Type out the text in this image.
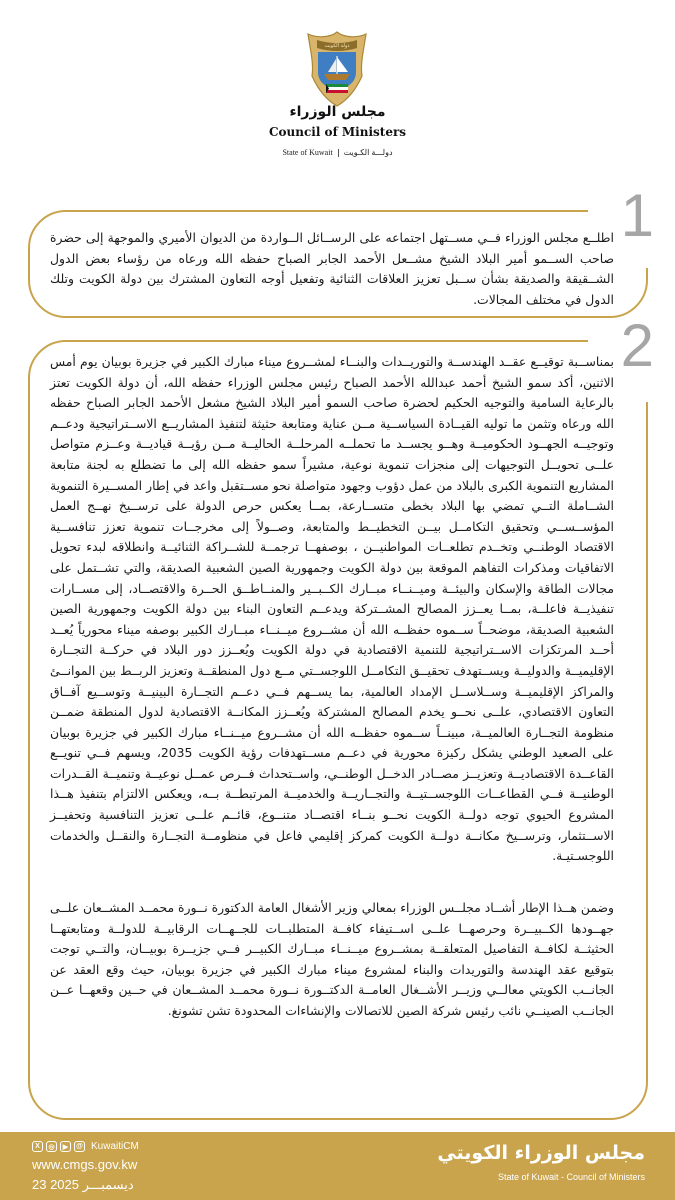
دولة الكويت
مجلس الوزراء
Council of Ministers
State of Kuwait دولـــة الكـويت
1

اطلــع مجلس الوزراء فــي مســتهل اجتماعه على الرســائل الــواردة من الديوان الأميري والموجهة إلى حضرة صاحب الســمو أمير البلاد الشيخ مشــعل الأحمد الجابر الصباح حفظه الله ورعاه من رؤساء بعض الدول الشــقيقة والصديقة بشأن ســبل تعزيز العلاقات الثنائية وتفعيل أوجه التعاون المشترك بين دولة الكويت وتلك الدول في مختلف المجالات.

2

بمناســبة توقيــع عقــد الهندســة والتوريــدات والبنــاء لمشــروع ميناء مبارك الكبير في جزيرة بوبيان يوم أمس الاثنين، أكد سمو الشيخ أحمد عبدالله الأحمد الصباح رئيس مجلس الوزراء حفظه الله، أن دولة الكويت تعتز بالرعاية السامية والتوجيه الحكيم لحضرة صاحب السمو أمير البلاد الشيخ مشعل الأحمد الجابر الصباح حفظه الله ورعاه وتثمن ما توليه القيــادة السياســية مــن عناية ومتابعة حثيثة لتنفيذ المشاريــع الاســتراتيجية ودعــم وتوجيــه الجهــود الحكوميــة وهــو يجســد ما تحملــه المرحلــة الحاليــة مــن رؤيــة قياديــة وعــزم متواصل علــى تحويــل التوجيهات إلى منجزات تنموية نوعية، مشيراً سمو حفظه الله إلى ما تضطلع به لجنة متابعة المشاريع التنموية الكبرى بالبلاد من عمل دؤوب وجهود متواصلة نحو مســتقبل واعد في إطار المســيرة التنموية الشــاملة التــي تمضي بها البلاد بخطى متســارعة، بمــا يعكس حرص الدولة على ترســيخ نهــج العمل المؤســســي وتحقيق التكامــل بيــن التخطيــط والمتابعة، وصــولاً إلى مخرجــات تنموية تعزز تنافســية الاقتصاد الوطنــي وتخــدم تطلعــات المواطنيــن ، بوصفهــا ترجمــة للشــراكة الثنائيــة وانطلاقه لبدء تحويل الاتفاقيات ومذكرات التفاهم الموقعة بين دولة الكويت وجمهورية الصين الشعبية الصديقة، والتي تشــتمل على مجالات الطاقة والإسكان والبيئــة وميــنــاء مبــارك الكــبــير والمنــاطــق الحــرة والاقتصــاد، إلى مســارات تنفيذيــة فاعلــة، بمــا يعــزز المصالح المشــتركة ويدعــم التعاون البناء بين دولة الكويت وجمهورية الصين الشعبية الصديقة، موضحــاً ســموه حفظــه الله أن مشــروع ميــنــاء مبــارك الكبير بوصفه ميناء محورياً يُعــد أحــد المرتكزات الاســتراتيجية للتنمية الاقتصادية في دولة الكويت ويُعــزز دور البلاد في حركــة التجــارة الإقليميــة والدوليــة ويســتهدف تحقيــق التكامــل اللوجســتي مــع دول المنطقــة وتعزيز الربــط بين الموانــئ والمراكز الإقليميــة وســلاســل الإمداد العالمية، بما يســهم فــي دعــم التجــارة البينيــة وتوســيع آفــاق التعاون الاقتصادي، علــى نحــو يخدم المصالح المشتركة ويُعــزز المكانــة الاقتصادية لدول المنطقة ضمــن منظومة التجــارة العالميــة، مبينــاً ســموه حفظــه الله أن مشــروع ميــنــاء مبارك الكبير في جزيرة بوبيان على الصعيد الوطني يشكل ركيزة محورية في دعــم مســتهدفات رؤية الكويت 2035، ويسهم فــي تنويــع القاعــدة الاقتصاديــة وتعزيــز مصــادر الدخــل الوطنــي، واســتحداث فــرص عمــل نوعيــة وتنميــة القــدرات الوطنيــة فــي القطاعــات اللوجســتيــة والتجــاريــة والخدميــة المرتبطــة بــه، ويعكس الالتزام بتنفيذ هــذا المشروع الحيوي توجه دولــة الكويت نحــو بنــاء اقتصــاد متنــوع، قائــم علــى تعزيز التنافسية وتحفيــز الاســتثمار، وترســيخ مكانــة دولــة الكويت كمركز إقليمي فاعل في منظومــة التجــارة والنقــل والخدمات اللوجسـتيـة.

وضمن هــذا الإطار أشــاد مجلــس الوزراء بمعالي وزير الأشغال العامة الدكتورة نــورة محمــد المشــعان علــى جهــودها الكــبيــرة وحرصهــا علــى اســتيفاء كافــة المتطلبــات للجــهــات الرقابيــة للدولــة ومتابعتهــا الحثيثــة لكافــة التفاصيل المتعلقــة بمشــروع ميــنــاء مبــارك الكبيــر فــي جزيــرة بوبيــان، والتــي توجت بتوقيع عقد الهندسة والتوريدات والبناء لمشروع ميناء مبارك الكبير في جزيرة بوبيان، حيث وقع العقد عن الجانــب الكويتي معالــي وزيــر الأشــغال العامــة الدكتــورة نــورة محمــد المشــعان في حــين وقعهــا عــن الجانــب الصينــي نائب رئيس شركة الصين للاتصالات والإنشاءات المحدودة تشن تشونغ.

X	◎	▶	@ KuwaitiCM
www.cmgs.gov.kw
23 ديسمبـــر 2025
مجلس الوزراء الكويتي
State of Kuwait - Council of Ministers
